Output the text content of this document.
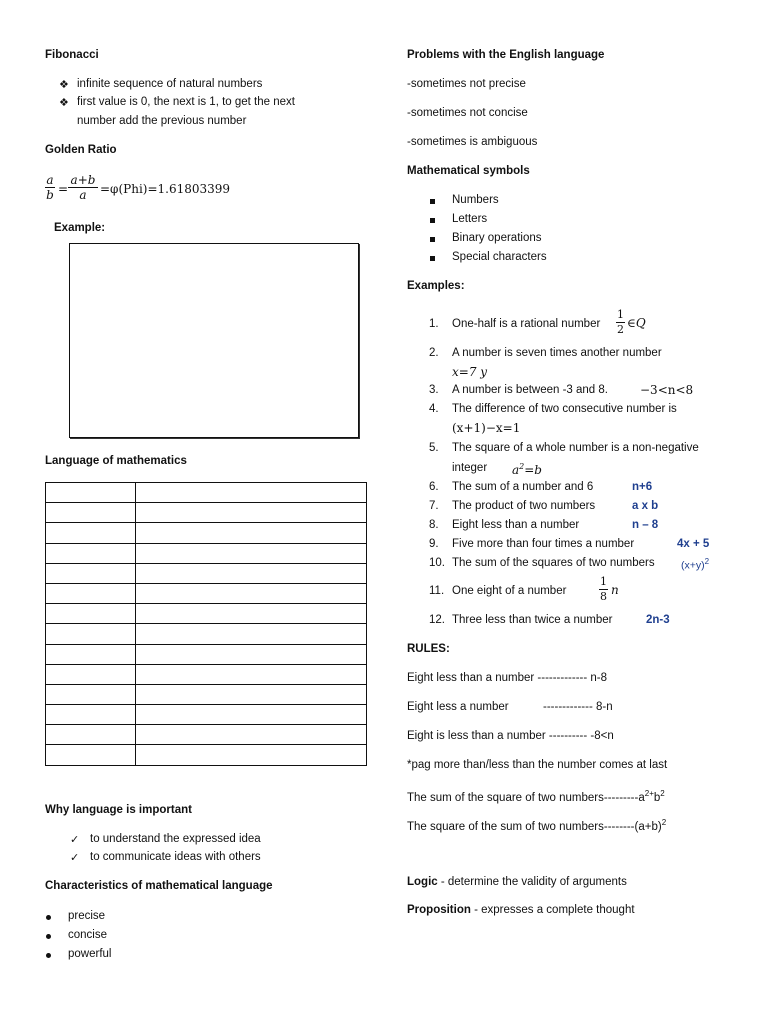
Fibonacci
❖ infinite sequence of natural numbers
❖ first value is 0, the next is 1, to get the next
number add the previous number
Golden Ratio
a
b =
a+b
a	=φ(Phi)=1.61803399
Example:
Language of mathematics

Why language is important
✓ to understand the expressed idea
✓ to communicate ideas with others
Characteristics of mathematical language
precise
concise
powerful
Problems with the English language
-sometimes not precise
-sometimes not concise
-sometimes is ambiguous
Mathematical symbols
Numbers
Letters
Binary operations
Special characters
Examples:
1. One-half is a rational number
1
2 ∈Q
2. A number is seven times another number
x=7 y
3. A number is between -3 and 8.	−3<n<8
4. The difference of two consecutive number is
(x+1)−x=1
5. The square of a whole number is a non-negative
integer $a^2=b$
6. The sum of a number and 6	n+6
7. The product of two numbers	a x b
8. Eight less than a number	n – 8
9. Five more than four times a number	4x + 5
10. The sum of the squares of two numbers	$(x+y)^2$
11. One eight of a number
1
8 n
12. Three less than twice a number	2n-3
RULES:
Eight less than a number ------------- n-8
Eight less a number	------------- 8-n
Eight is less than a number ---------- -8<n
*pag more than/less than the number comes at last
The sum of the square of two numbers-$--------a^{2+}b^2$
The square of the sum of two numbers-$-------(a+b)^2$
Logic - determine the validity of arguments
Proposition - expresses a complete thought
